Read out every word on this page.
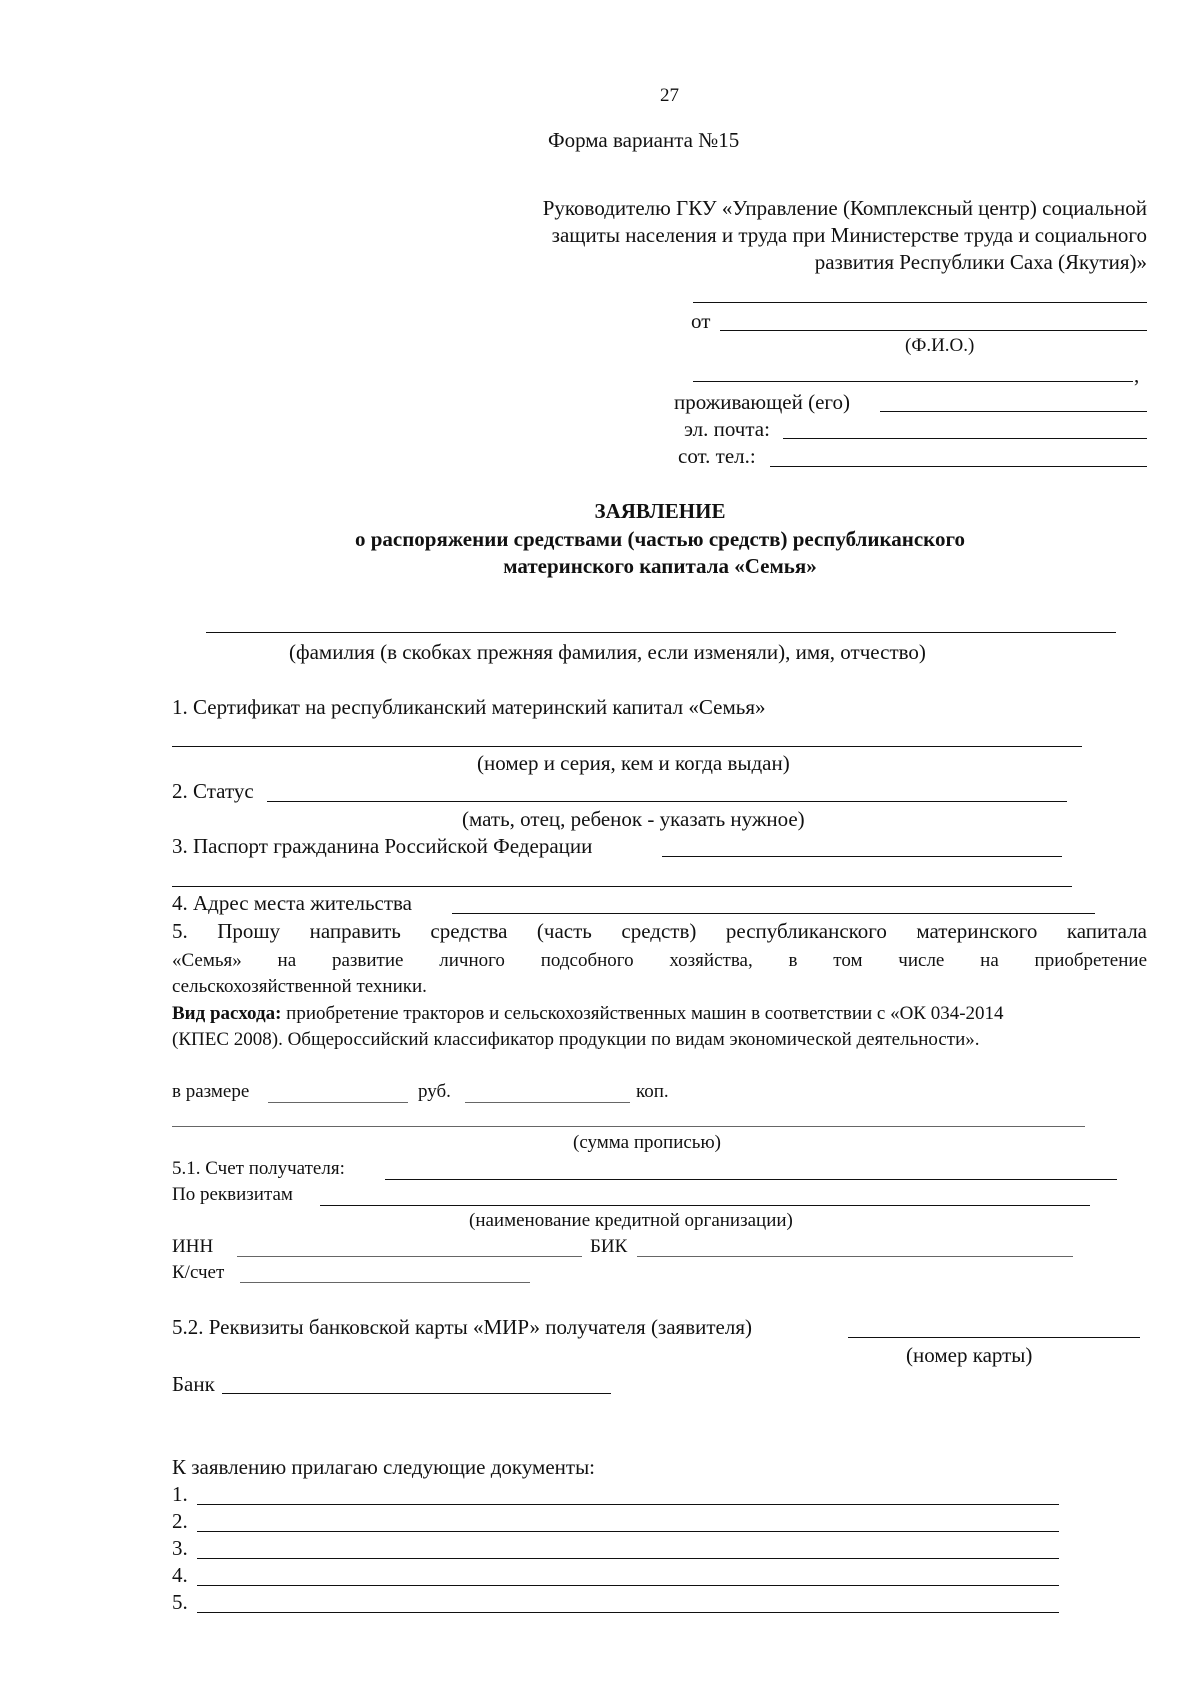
27
Форма варианта №15
Руководителю ГКУ «Управление (Комплексный центр) социальной
защиты населения и труда при Министерстве труда и социального
развития Республики Саха (Якутия)»
от
(Ф.И.О.)
,
проживающей (его)
эл. почта:
сот. тел.:
ЗАЯВЛЕНИЕ
о распоряжении средствами (частью средств) республиканского
материнского капитала «Семья»
(фамилия (в скобках прежняя фамилия, если изменяли), имя, отчество)
1. Сертификат на республиканский материнский капитал «Семья»
(номер и серия, кем и когда выдан)
2. Статус
(мать, отец, ребенок - указать нужное)
3. Паспорт гражданина Российской Федерации
4. Адрес места жительства
5. Прошу направить средства (часть средств) республиканского материнского капитала
«Семья» на развитие личного подсобного хозяйства, в том числе на приобретение
сельскохозяйственной техники.
Вид расхода: приобретение тракторов и сельскохозяйственных машин в соответствии с «ОК 034-2014
(КПЕС 2008). Общероссийский классификатор продукции по видам экономической деятельности».
в размере	руб.	коп.
(сумма прописью)
5.1. Счет получателя:
По реквизитам
(наименование кредитной организации)
ИНН	БИК
К/счет
5.2. Реквизиты банковской карты «МИР» получателя (заявителя)
(номер карты)
Банк
К заявлению прилагаю следующие документы:
1.
2.
3.
4.
5.
